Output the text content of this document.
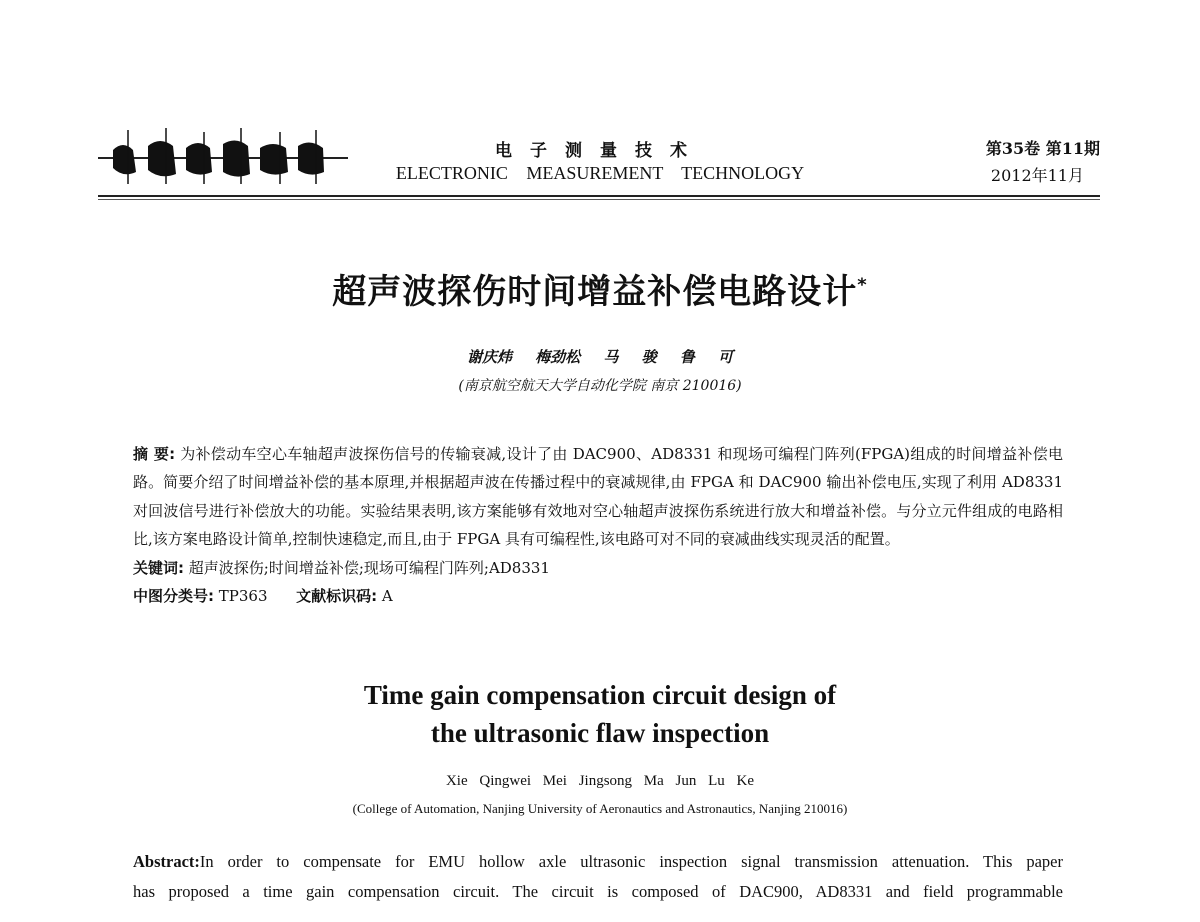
电子测量技术
ELECTRONIC MEASUREMENT TECHNOLOGY
第35卷 第11期
2012年11月
超声波探伤时间增益补偿电路设计*
谢庆炜 梅劲松 马 骏 鲁 可
(南京航空航天大学自动化学院 南京 210016)
摘 要: 为补偿动车空心车轴超声波探伤信号的传输衰减,设计了由 DAC900、AD8331 和现场可编程门阵列(FPGA)组成的时间增益补偿电路。简要介绍了时间增益补偿的基本原理,并根据超声波在传播过程中的衰减规律,由 FPGA 和 DAC900 输出补偿电压,实现了利用 AD8331 对回波信号进行补偿放大的功能。实验结果表明,该方案能够有效地对空心轴超声波探伤系统进行放大和增益补偿。与分立元件组成的电路相比,该方案电路设计简单,控制快速稳定,而且,由于 FPGA 具有可编程性,该电路可对不同的衰减曲线实现灵活的配置。
关键词: 超声波探伤;时间增益补偿;现场可编程门阵列;AD8331
中图分类号: TP363 文献标识码: A
Time gain compensation circuit design of
the ultrasonic flaw inspection
Xie Qingwei Mei Jingsong Ma Jun Lu Ke
(College of Automation, Nanjing University of Aeronautics and Astronautics, Nanjing 210016)
Abstract:In order to compensate for EMU hollow axle ultrasonic inspection signal transmission attenuation. This paper
has proposed a time gain compensation circuit. The circuit is composed of DAC900, AD8331 and field programmable
